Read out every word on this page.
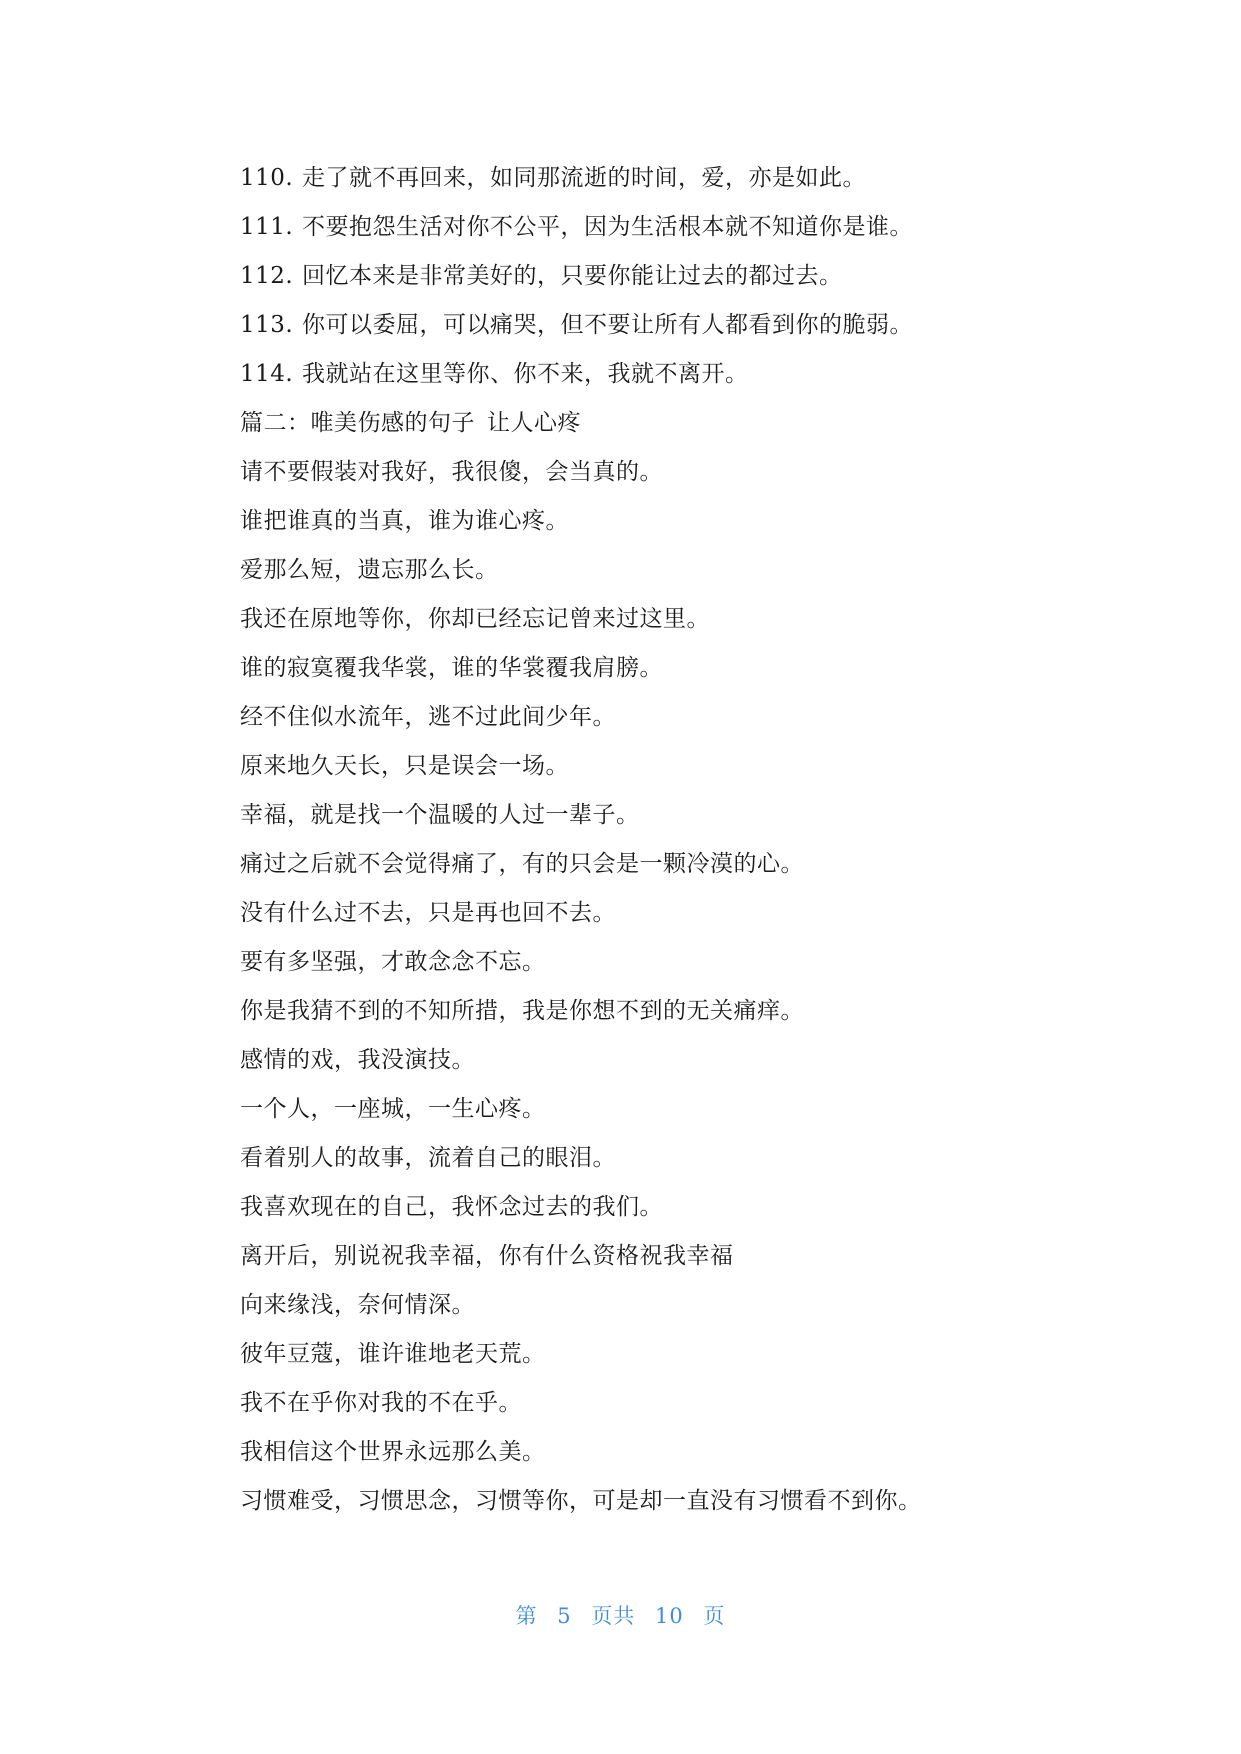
110. 走了就不再回来，如同那流逝的时间，爱，亦是如此。
111. 不要抱怨生活对你不公平，因为生活根本就不知道你是谁。
112. 回忆本来是非常美好的，只要你能让过去的都过去。
113. 你可以委屈，可以痛哭，但不要让所有人都看到你的脆弱。
114. 我就站在这里等你、你不来，我就不离开。
篇二：唯美伤感的句子 让人心疼
请不要假装对我好，我很傻，会当真的。
谁把谁真的当真，谁为谁心疼。
爱那么短，遗忘那么长。
我还在原地等你，你却已经忘记曾来过这里。
谁的寂寞覆我华裳，谁的华裳覆我肩膀。
经不住似水流年，逃不过此间少年。
原来地久天长，只是误会一场。
幸福，就是找一个温暖的人过一辈子。
痛过之后就不会觉得痛了，有的只会是一颗冷漠的心。
没有什么过不去，只是再也回不去。
要有多坚强，才敢念念不忘。
你是我猜不到的不知所措，我是你想不到的无关痛痒。
感情的戏，我没演技。
一个人，一座城，一生心疼。
看着别人的故事，流着自己的眼泪。
我喜欢现在的自己，我怀念过去的我们。
离开后，别说祝我幸福，你有什么资格祝我幸福
向来缘浅，奈何情深。
彼年豆蔻，谁许谁地老天荒。
我不在乎你对我的不在乎。
我相信这个世界永远那么美。
习惯难受，习惯思念，习惯等你，可是却一直没有习惯看不到你。
第 5 页共 10 页
